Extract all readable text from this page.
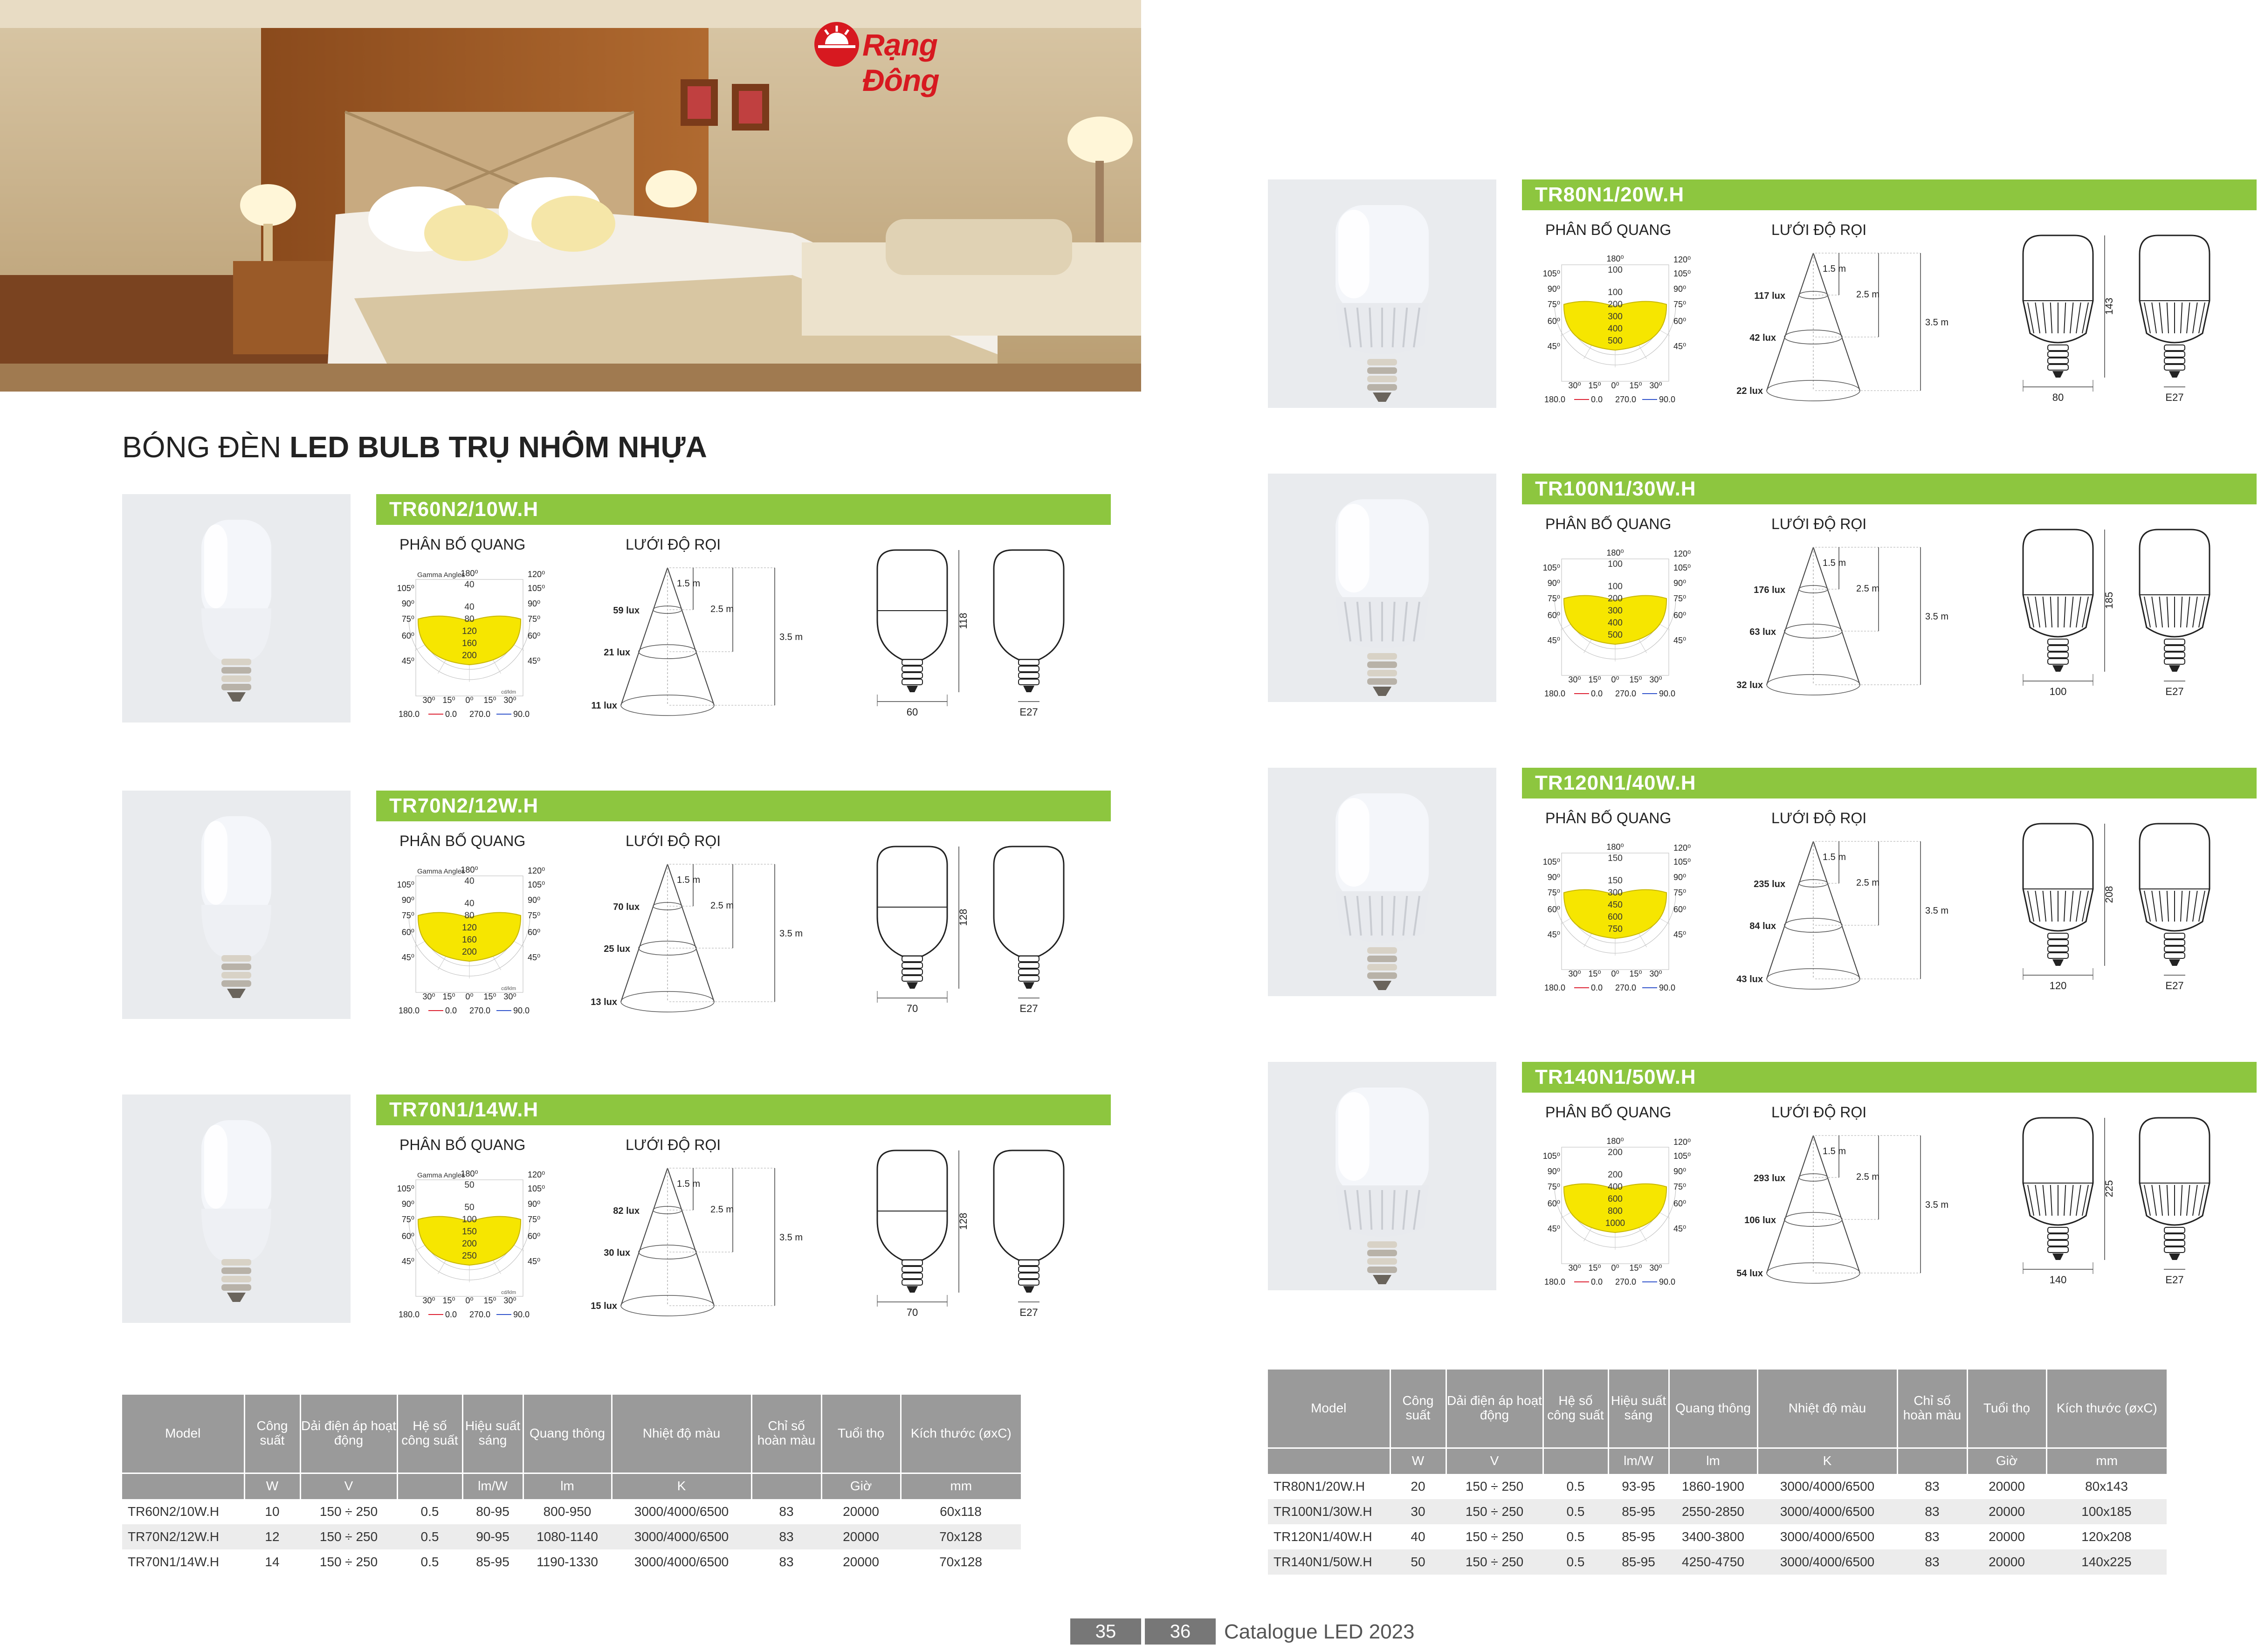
Rạng Đông
BÓNG ĐÈN LED BULB TRỤ NHÔM NHỰA
TR60N2/10W.H
PHÂN BỐ QUANG	LƯỚI ĐỘ RỌI
Gamma Angles
180⁰	120⁰
105⁰	105⁰
90⁰	90⁰
75⁰	75⁰
60⁰	60⁰
45⁰	45⁰
40
40
80
120
160
200
cd/klm
30⁰ 15⁰ 0⁰ 15⁰ 30⁰
180.0	0.0 270.0	90.0
1.5 m
2.5 m
3.5 m
59 lux
21 lux
11 lux
60
118
E27
TR70N2/12W.H
PHÂN BỐ QUANG	LƯỚI ĐỘ RỌI
Gamma Angles
180⁰	120⁰
105⁰	105⁰
90⁰	90⁰
75⁰	75⁰
60⁰	60⁰
45⁰	45⁰
40
40
80
120
160
200
cd/klm
30⁰ 15⁰ 0⁰ 15⁰ 30⁰
180.0	0.0 270.0	90.0
1.5 m
2.5 m
3.5 m
70 lux
25 lux
13 lux
70
128
E27
TR70N1/14W.H
PHÂN BỐ QUANG	LƯỚI ĐỘ RỌI
Gamma Angles
180⁰	120⁰
105⁰	105⁰
90⁰	90⁰
75⁰	75⁰
60⁰	60⁰
45⁰	45⁰
50
50
100
150
200
250
cd/klm
30⁰ 15⁰ 0⁰ 15⁰ 30⁰
180.0	0.0 270.0	90.0
1.5 m
2.5 m
3.5 m
82 lux
30 lux
15 lux
70
128
E27
TR80N1/20W.H
PHÂN BỐ QUANG	LƯỚI ĐỘ RỌI
180⁰	120⁰
105⁰	105⁰
90⁰	90⁰
75⁰	75⁰
60⁰	60⁰
45⁰	45⁰
100
100
200
300
400
500
30⁰ 15⁰ 0⁰ 15⁰ 30⁰
180.0	0.0 270.0	90.0
1.5 m
2.5 m
3.5 m
117 lux
42 lux
22 lux
80
143
E27
TR100N1/30W.H
PHÂN BỐ QUANG	LƯỚI ĐỘ RỌI
180⁰	120⁰
105⁰	105⁰
90⁰	90⁰
75⁰	75⁰
60⁰	60⁰
45⁰	45⁰
100
100
200
300
400
500
30⁰ 15⁰ 0⁰ 15⁰ 30⁰
180.0	0.0 270.0	90.0
1.5 m
2.5 m
3.5 m
176 lux
63 lux
32 lux
100
185
E27
TR120N1/40W.H
PHÂN BỐ QUANG	LƯỚI ĐỘ RỌI
180⁰	120⁰
105⁰	105⁰
90⁰	90⁰
75⁰	75⁰
60⁰	60⁰
45⁰	45⁰
150
150
300
450
600
750
30⁰ 15⁰ 0⁰ 15⁰ 30⁰
180.0	0.0 270.0	90.0
1.5 m
2.5 m
3.5 m
235 lux
84 lux
43 lux
120
208
E27
TR140N1/50W.H
PHÂN BỐ QUANG	LƯỚI ĐỘ RỌI
180⁰	120⁰
105⁰	105⁰
90⁰	90⁰
75⁰	75⁰
60⁰	60⁰
45⁰	45⁰
200
200
400
600
800
1000
30⁰ 15⁰ 0⁰ 15⁰ 30⁰
180.0	0.0 270.0	90.0
1.5 m
2.5 m
3.5 m
293 lux
106 lux
54 lux
140
225
E27
Model	Công suất	Dải điện áp hoạt động	Hệ số công suất	Hiệu suất sáng	Quang thông	Nhiệt độ màu	Chỉ số hoàn màu	Tuổi thọ	Kích thước (øxC)
	W	V		lm/W	lm	K		Giờ	mm
TR60N2/10W.H	10	150 ÷ 250	0.5	80-95	800-950	3000/4000/6500	83	20000	60x118
TR70N2/12W.H	12	150 ÷ 250	0.5	90-95	1080-1140	3000/4000/6500	83	20000	70x128
TR70N1/14W.H	14	150 ÷ 250	0.5	85-95	1190-1330	3000/4000/6500	83	20000	70x128
Model	Công suất	Dải điện áp hoạt động	Hệ số công suất	Hiệu suất sáng	Quang thông	Nhiệt độ màu	Chỉ số hoàn màu	Tuổi thọ	Kích thước (øxC)
	W	V		lm/W	lm	K		Giờ	mm
TR80N1/20W.H	20	150 ÷ 250	0.5	93-95	1860-1900	3000/4000/6500	83	20000	80x143
TR100N1/30W.H	30	150 ÷ 250	0.5	85-95	2550-2850	3000/4000/6500	83	20000	100x185
TR120N1/40W.H	40	150 ÷ 250	0.5	85-95	3400-3800	3000/4000/6500	83	20000	120x208
TR140N1/50W.H	50	150 ÷ 250	0.5	85-95	4250-4750	3000/4000/6500	83	20000	140x225
35	36	Catalogue LED 2023
